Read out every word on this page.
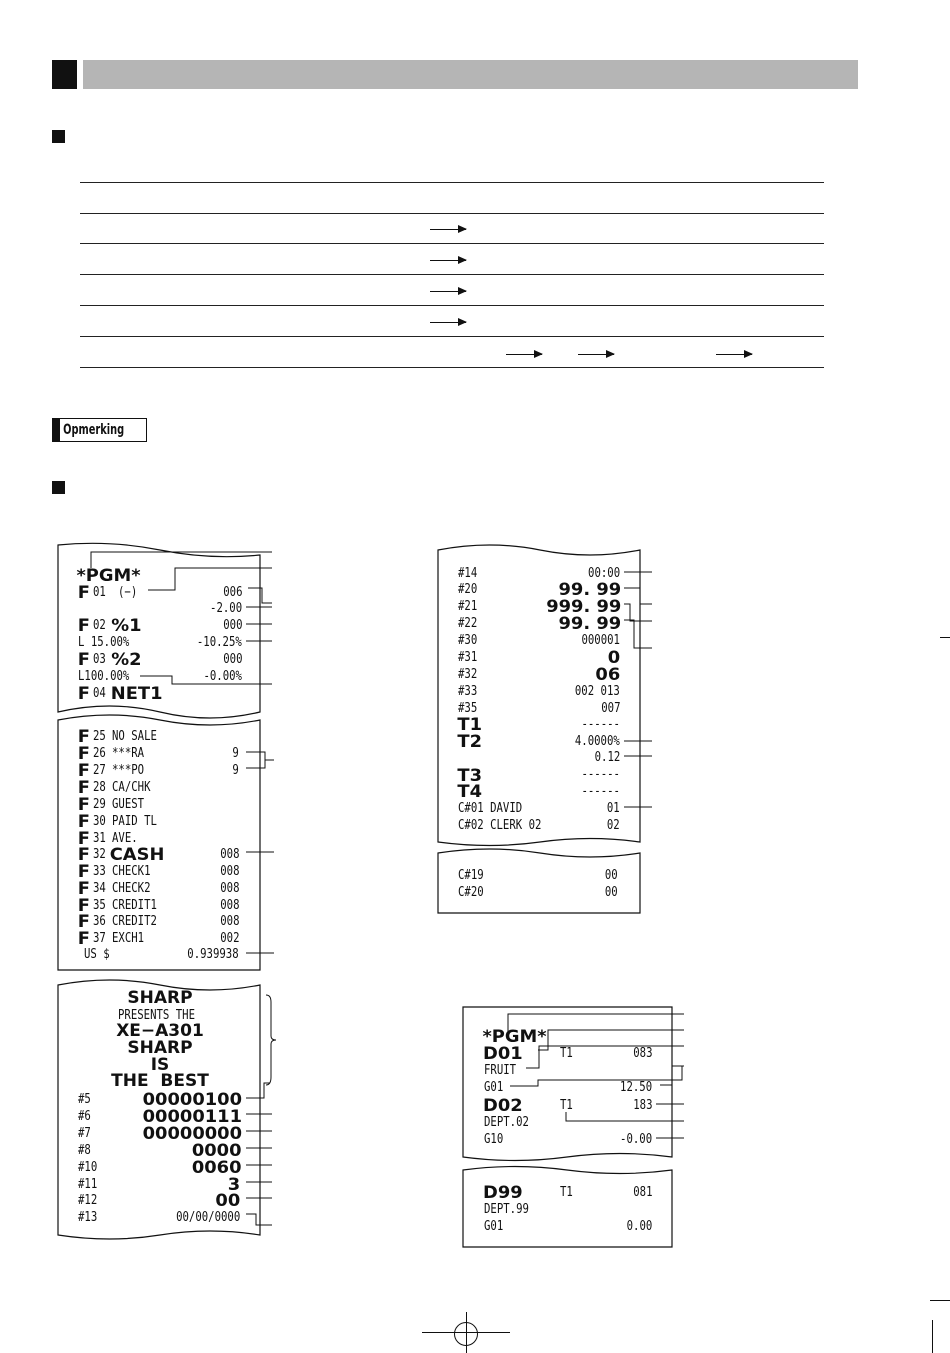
Opmerking
*PGM*
F 01 (−)	006
-2.00
F 02 %1	000
L 15.00%	-10.25%
F 03 %2	000
L100.00%	-0.00%
F 04 NET1
F 25 NO SALE
F 26 ***RA	9
F 27 ***PO	9
F 28 CA/CHK
F 29 GUEST
F 30 PAID TL
F 31 AVE.
F 32 CASH	008
F 33 CHECK1	008
F 34 CHECK2	008
F 35 CREDIT1	008
F 36 CREDIT2	008
F 37 EXCH1	002
US $	0.939938
SHARP
PRESENTS THE
XE−A301
SHARP
IS
THE  BEST
#5	00000100
#6	00000111
#7	00000000
#8	0000
#10	0060
#11	3
#12	00
#13	00/00/0000
#14	00:00
#20	99. 99
#21	999. 99
#22	99. 99
#30	000001
#31	0
#32	06
#33	002 013
#35	007
T1	------
T2	4.0000%
0.12
T3	------
T4	------
C#01 DAVID	01
C#02 CLERK 02	02
C#19	00
C#20	00
*PGM*
D01	T1	083
FRUIT
G01	12.50
D02	T1	183
DEPT.02
G10	-0.00
D99	T1	081
DEPT.99
G01	0.00
